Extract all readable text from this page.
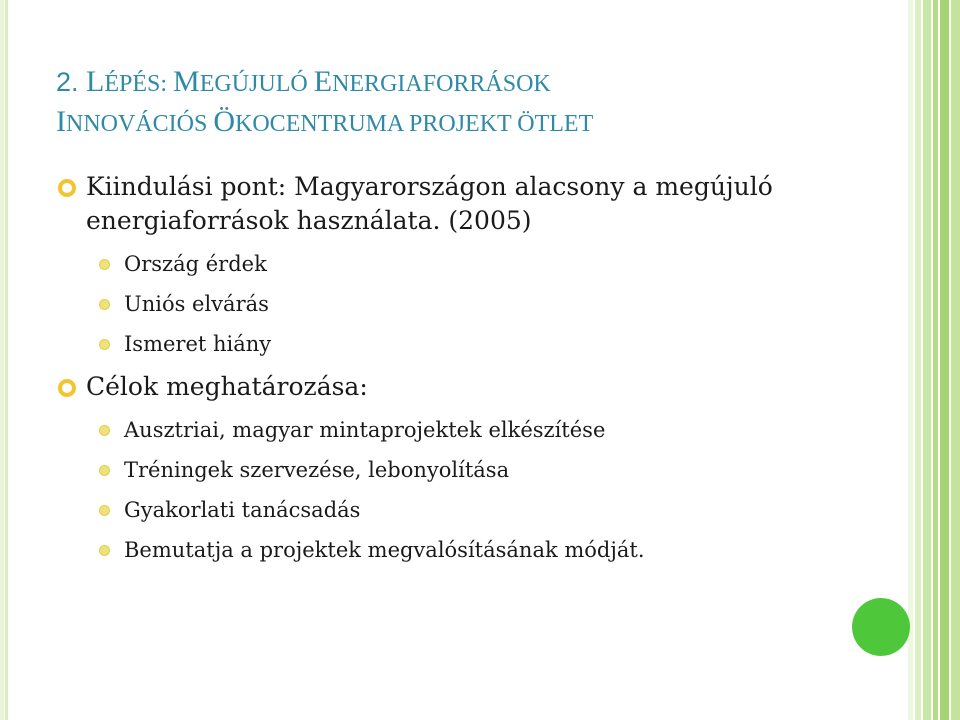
2. LÉPÉS: MEGÚJULÓ ENERGIAFORRÁSOK
INNOVÁCIÓS ÖKOCENTRUMA PROJEKT ÖTLET

Kiindulási pont: Magyarországon alacsony a megújuló energiaforrások használata. (2005)

Ország érdek

Uniós elvárás

Ismeret hiány

Célok meghatározása:

Ausztriai, magyar mintaprojektek elkészítése

Tréningek szervezése, lebonyolítása

Gyakorlati tanácsadás

Bemutatja a projektek megvalósításának módját.
